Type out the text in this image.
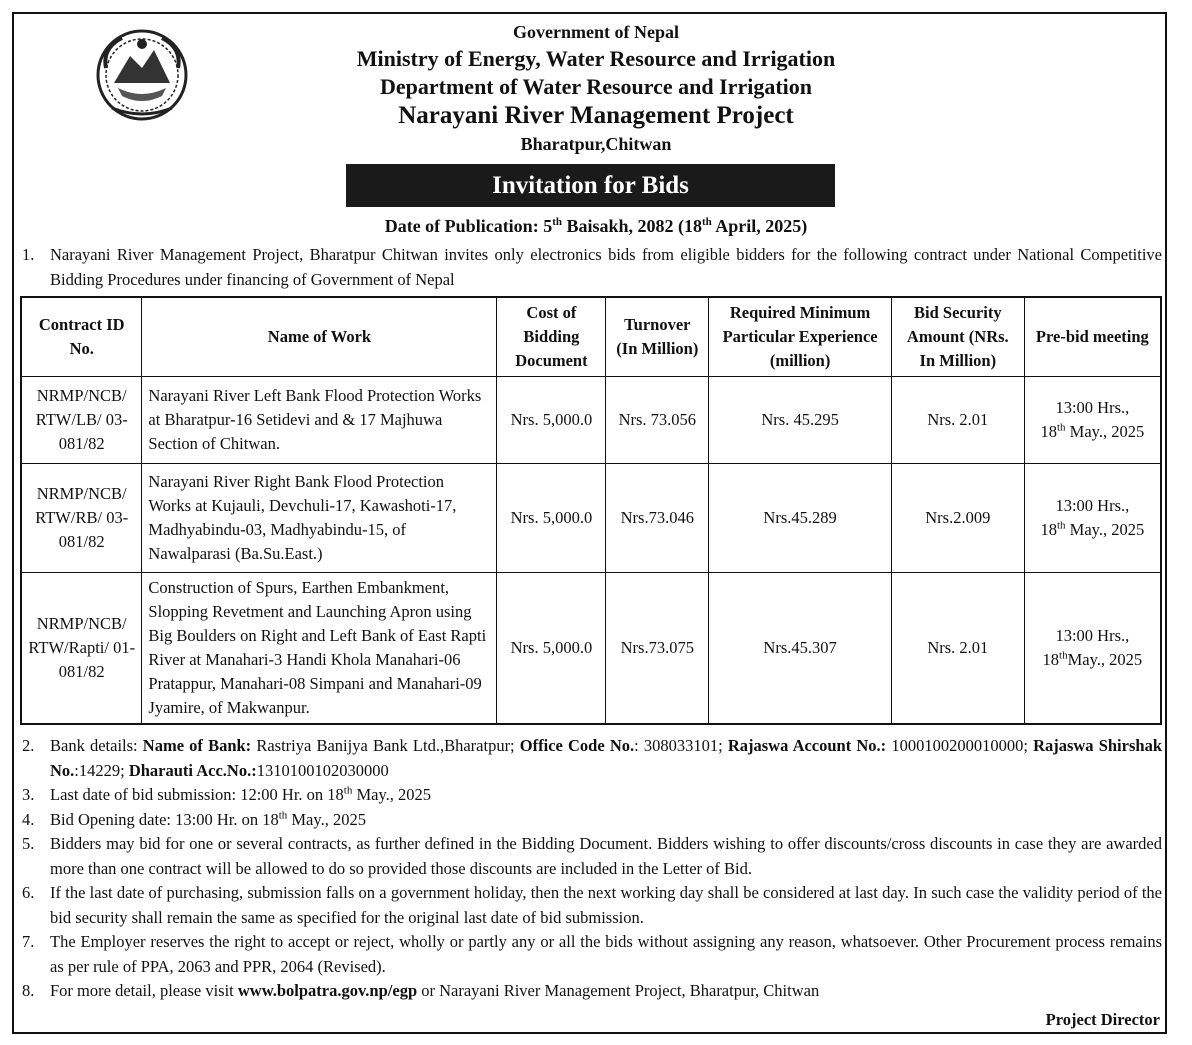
Government of Nepal
Ministry of Energy, Water Resource and Irrigation
Department of Water Resource and Irrigation
Narayani River Management Project
Bharatpur,Chitwan
Invitation for Bids
Date of Publication: 5th Baisakh, 2082 (18th April, 2025)
1. Narayani River Management Project, Bharatpur Chitwan invites only electronics bids from eligible bidders for the following contract under National Competitive Bidding Procedures under financing of Government of Nepal
Contract ID No.	Name of Work	Cost of Bidding Document	Turnover (In Million)	Required Minimum Particular Experience (million)	Bid Security Amount (NRs. In Million)	Pre-bid meeting
NRMP/NCB/ RTW/LB/ 03-081/82	Narayani River Left Bank Flood Protection Works at Bharatpur-16 Setidevi and & 17 Majhuwa Section of Chitwan.	Nrs. 5,000.0	Nrs. 73.056	Nrs. 45.295	Nrs. 2.01	13:00 Hrs.,
18th May., 2025
NRMP/NCB/ RTW/RB/ 03-081/82	Narayani River Right Bank Flood Protection Works at Kujauli, Devchuli-17, Kawashoti-17, Madhyabindu-03, Madhyabindu-15, of Nawalparasi (Ba.Su.East.)	Nrs. 5,000.0	Nrs.73.046	Nrs.45.289	Nrs.2.009	13:00 Hrs.,
18th May., 2025
NRMP/NCB/ RTW/Rapti/ 01-081/82	Construction of Spurs, Earthen Embankment, Slopping Revetment and Launching Apron using Big Boulders on Right and Left Bank of East Rapti River at Manahari-3 Handi Khola Manahari-06 Pratappur, Manahari-08 Simpani and Manahari-09 Jyamire, of Makwanpur.	Nrs. 5,000.0	Nrs.73.075	Nrs.45.307	Nrs. 2.01	13:00 Hrs.,
18thMay., 2025
2. Bank details: Name of Bank: Rastriya Banijya Bank Ltd.,Bharatpur; Office Code No.: 308033101; Rajaswa Account No.: 1000100200010000; Rajaswa Shirshak No.:14229; Dharauti Acc.No.:1310100102030000
3. Last date of bid submission: 12:00 Hr. on 18th May., 2025
4. Bid Opening date: 13:00 Hr. on 18th May., 2025
5. Bidders may bid for one or several contracts, as further defined in the Bidding Document. Bidders wishing to offer discounts/cross discounts in case they are awarded more than one contract will be allowed to do so provided those discounts are included in the Letter of Bid.
6. If the last date of purchasing, submission falls on a government holiday, then the next working day shall be considered at last day. In such case the validity period of the bid security shall remain the same as specified for the original last date of bid submission.
7. The Employer reserves the right to accept or reject, wholly or partly any or all the bids without assigning any reason, whatsoever. Other Procurement process remains as per rule of PPA, 2063 and PPR, 2064 (Revised).
8. For more detail, please visit www.bolpatra.gov.np/egp or Narayani River Management Project, Bharatpur, Chitwan
Project Director
